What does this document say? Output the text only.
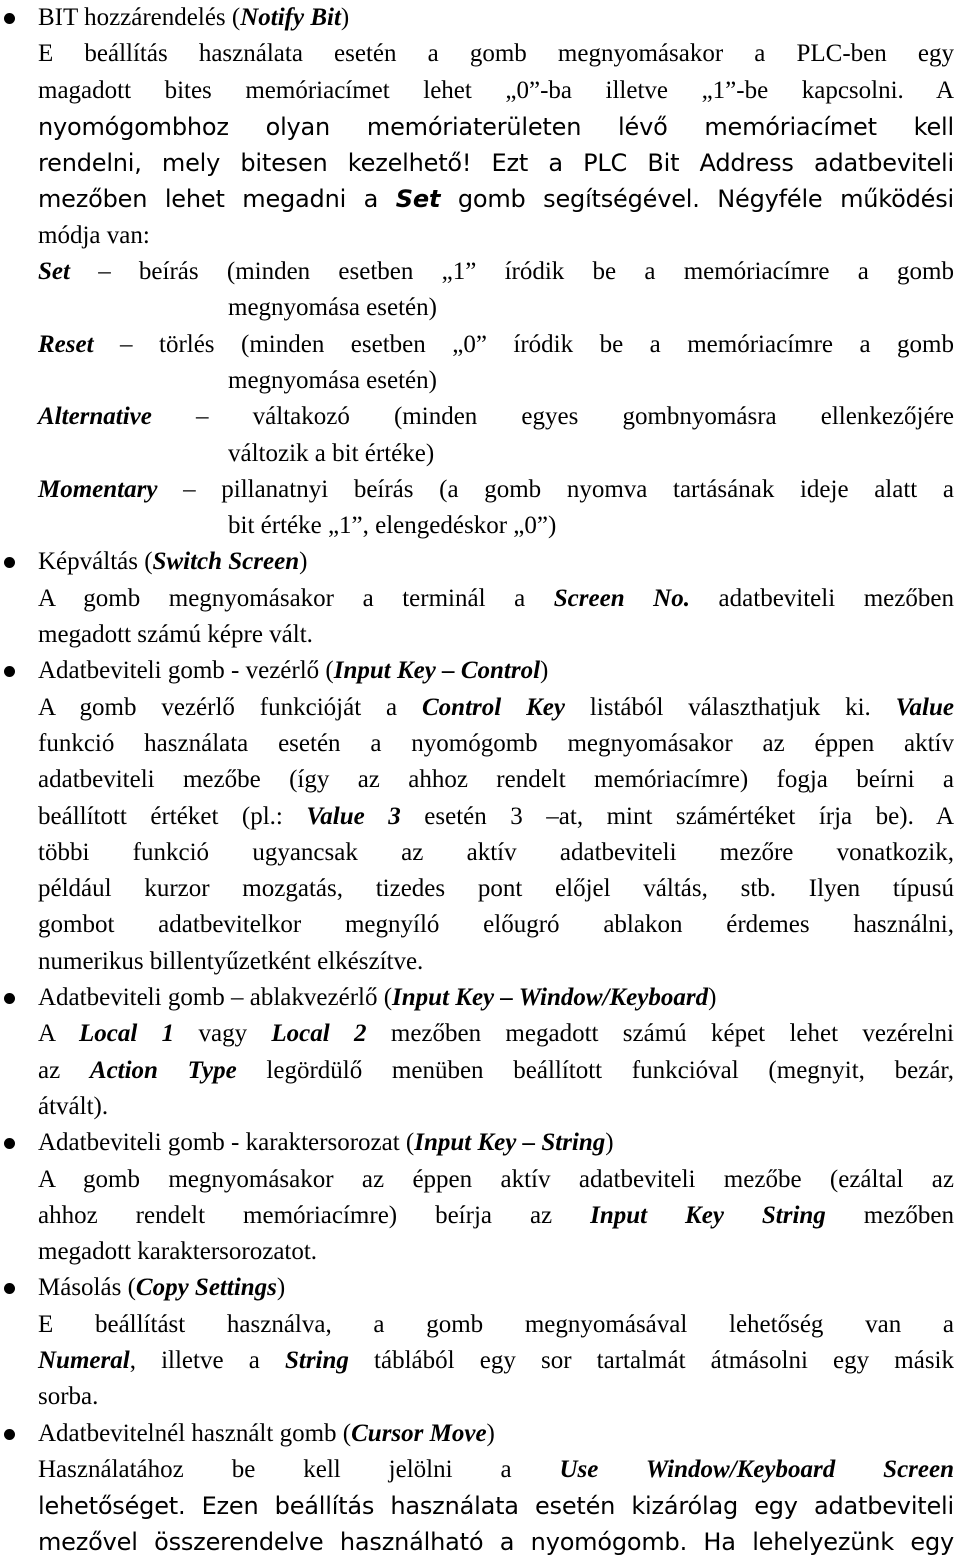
BIT hozzárendelés (Notify Bit)
E beállítás használata esetén a gomb megnyomásakor a PLC-ben egy
magadott bites memóriacímet lehet „0”-ba illetve „1”-be kapcsolni. A
nyomógombhoz olyan memóriaterületen lévő memóriacímet kell
rendelni, mely bitesen kezelhető! Ezt a PLC Bit Address adatbeviteli
mezőben lehet megadni a Set gomb segítségével. Négyféle működési
módja van:
Set – beírás (minden esetben „1” íródik be a memóriacímre a gomb
megnyomása esetén)
Reset – törlés (minden esetben „0” íródik be a memóriacímre a gomb
megnyomása esetén)
Alternative – váltakozó (minden egyes gombnyomásra ellenkezőjére
változik a bit értéke)
Momentary – pillanatnyi beírás (a gomb nyomva tartásának ideje alatt a
bit értéke „1”, elengedéskor „0”)
Képváltás (Switch Screen)
A gomb megnyomásakor a terminál a Screen No. adatbeviteli mezőben
megadott számú képre vált.
Adatbeviteli gomb - vezérlő (Input Key – Control)
A gomb vezérlő funkcióját a Control Key listából választhatjuk ki. Value
funkció használata esetén a nyomógomb megnyomásakor az éppen aktív
adatbeviteli mezőbe (így az ahhoz rendelt memóriacímre) fogja beírni a
beállított értéket (pl.: Value 3 esetén 3 –at, mint számértéket írja be). A
többi funkció ugyancsak az aktív adatbeviteli mezőre vonatkozik,
például kurzor mozgatás, tizedes pont előjel váltás, stb. Ilyen típusú
gombot adatbevitelkor megnyíló előugró ablakon érdemes használni,
numerikus billentyűzetként elkészítve.
Adatbeviteli gomb – ablakvezérlő (Input Key – Window/Keyboard)
A Local 1 vagy Local 2 mezőben megadott számú képet lehet vezérelni
az Action Type legördülő menüben beállított funkcióval (megnyit, bezár,
átvált).
Adatbeviteli gomb - karaktersorozat (Input Key – String)
A gomb megnyomásakor az éppen aktív adatbeviteli mezőbe (ezáltal az
ahhoz rendelt memóriacímre) beírja az Input Key String mezőben
megadott karaktersorozatot.
Másolás (Copy Settings)
E beállítást használva, a gomb megnyomásával lehetőség van a
Numeral, illetve a String táblából egy sor tartalmát átmásolni egy másik
sorba.
Adatbevitelnél használt gomb (Cursor Move)
Használatához be kell jelölni a Use Window/Keyboard Screen
lehetőséget. Ezen beállítás használata esetén kizárólag egy adatbeviteli
mezővel összerendelve használható a nyomógomb. Ha lehelyezünk egy
